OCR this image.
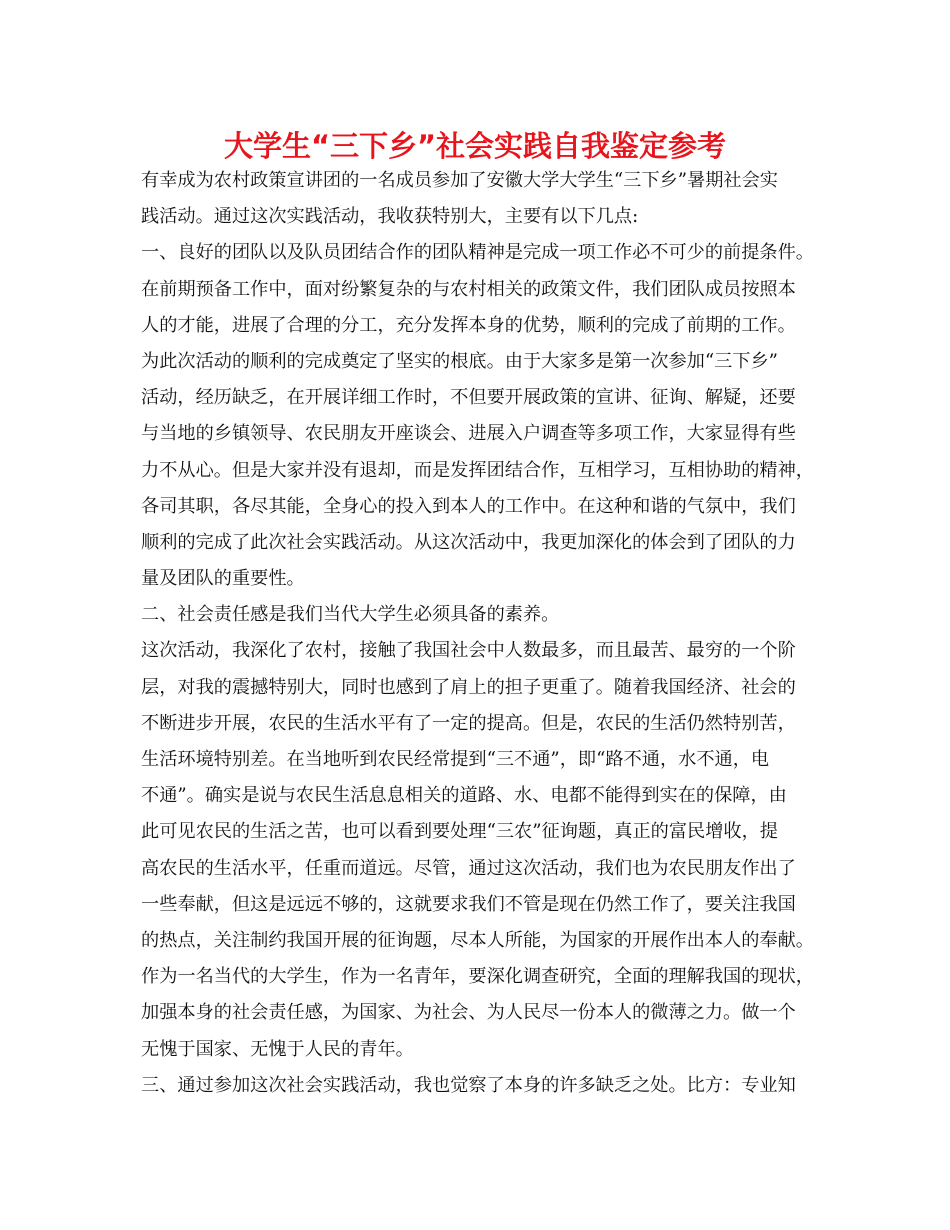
大学生“三下乡”社会实践自我鉴定参考
有幸成为农村政策宣讲团的一名成员参加了安徽大学大学生“三下乡”暑期社会实
践活动。通过这次实践活动，我收获特别大，主要有以下几点:
一、良好的团队以及队员团结合作的团队精神是完成一项工作必不可少的前提条件。
在前期预备工作中，面对纷繁复杂的与农村相关的政策文件，我们团队成员按照本
人的才能，进展了合理的分工，充分发挥本身的优势，顺利的完成了前期的工作。
为此次活动的顺利的完成奠定了坚实的根底。由于大家多是第一次参加“三下乡”
活动，经历缺乏，在开展详细工作时，不但要开展政策的宣讲、征询、解疑，还要
与当地的乡镇领导、农民朋友开座谈会、进展入户调查等多项工作，大家显得有些
力不从心。但是大家并没有退却，而是发挥团结合作，互相学习，互相协助的精神，
各司其职，各尽其能，全身心的投入到本人的工作中。在这种和谐的气氛中，我们
顺利的完成了此次社会实践活动。从这次活动中，我更加深化的体会到了团队的力
量及团队的重要性。
二、社会责任感是我们当代大学生必须具备的素养。
这次活动，我深化了农村，接触了我国社会中人数最多，而且最苦、最穷的一个阶
层，对我的震撼特别大，同时也感到了肩上的担子更重了。随着我国经济、社会的
不断进步开展，农民的生活水平有了一定的提高。但是，农民的生活仍然特别苦，
生活环境特别差。在当地听到农民经常提到“三不通”，即“路不通，水不通，电
不通”。确实是说与农民生活息息相关的道路、水、电都不能得到实在的保障，由
此可见农民的生活之苦，也可以看到要处理“三农”征询题，真正的富民增收，提
高农民的生活水平，任重而道远。尽管，通过这次活动，我们也为农民朋友作出了
一些奉献，但这是远远不够的，这就要求我们不管是现在仍然工作了，要关注我国
的热点，关注制约我国开展的征询题，尽本人所能，为国家的开展作出本人的奉献。
作为一名当代的大学生，作为一名青年，要深化调查研究，全面的理解我国的现状，
加强本身的社会责任感，为国家、为社会、为人民尽一份本人的微薄之力。做一个
无愧于国家、无愧于人民的青年。
三、通过参加这次社会实践活动，我也觉察了本身的许多缺乏之处。比方：专业知
